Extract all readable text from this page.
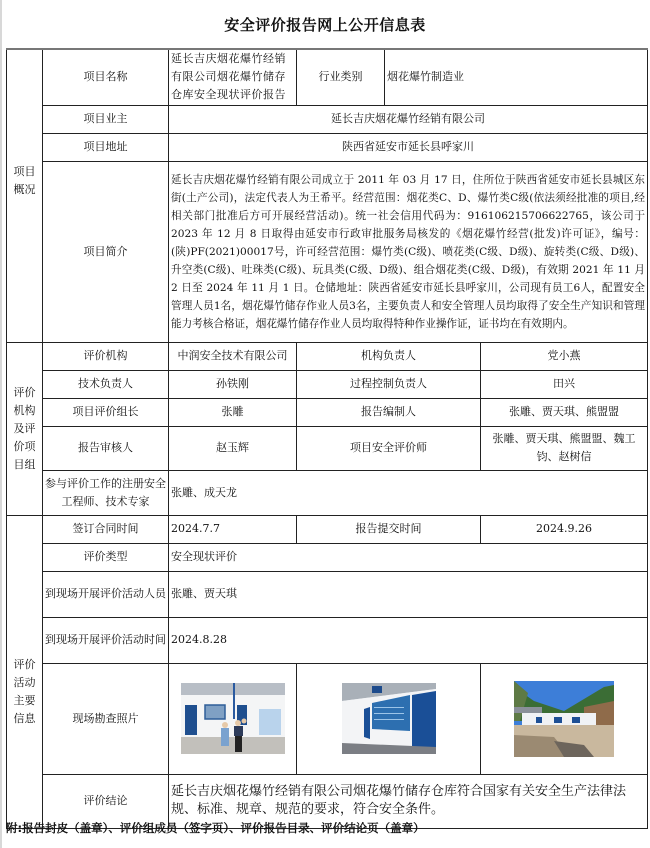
安全评价报告网上公开信息表
项目概况	项目名称	延长吉庆烟花爆竹经销有限公司烟花爆竹储存仓库安全现状评价报告	行业类别	烟花爆竹制造业	
	项目业主	延长吉庆烟花爆竹经销有限公司			
	项目地址	陕西省延安市延长县呼家川			
	项目简介	延长吉庆烟花爆竹经销有限公司成立于 2011 年 03 月 17 日，住所位于陕西省延安市延长县城区东街(土产公司)，法定代表人为王希平。经营范围：烟花类C、D、爆竹类C级(依法须经批准的项目,经相关部门批准后方可开展经营活动)。统一社会信用代码为：916106215706622765，该公司于 2023 年 12 月 8 日取得由延安市行政审批服务局核发的《烟花爆竹经营(批发)许可证》，编号：(陕)PF(2021)00017号，许可经营范围：爆竹类(C级)、喷花类(C级、D级)、旋转类(C级、D级)、升空类(C级)、吐珠类(C级)、玩具类(C级、D级)、组合烟花类(C级、D级)，有效期 2021 年 11 月 2 日至 2024 年 11 月 1 日。仓储地址：陕西省延安市延长县呼家川，公司现有员工6人，配置安全管理人员1名，烟花爆竹储存作业人员3名，主要负责人和安全管理人员均取得了安全生产知识和管理能力考核合格证，烟花爆竹储存作业人员均取得特种作业操作证，证书均在有效期内。			
评价机构及评价项目组	评价机构	中润安全技术有限公司	机构负责人		党小燕
	技术负责人	孙铁刚	过程控制负责人		田兴
	项目评价组长	张雕	报告编制人		张雕、贾天琪、熊盟盟
	报告审核人	赵玉辉	项目安全评价师		张雕、贾天琪、熊盟盟、魏工钧、赵树信
	参与评价工作的注册安全工程师、技术专家	张雕、成天龙			
评价活动主要信息	签订合同时间	2024.7.7	报告提交时间		2024.9.26
	评价类型	安全现状评价			
	到现场开展评价活动人员	张雕、贾天琪			
	到现场开展评价活动时间	2024.8.28			
	现场勘查照片			
	评价结论	延长吉庆烟花爆竹经销有限公司烟花爆竹储存仓库符合国家有关安全生产法律法规、标准、规章、规范的要求，符合安全条件。			
附:报告封皮（盖章）、评价组成员（签字页）、评价报告目录、评价结论页（盖章）
